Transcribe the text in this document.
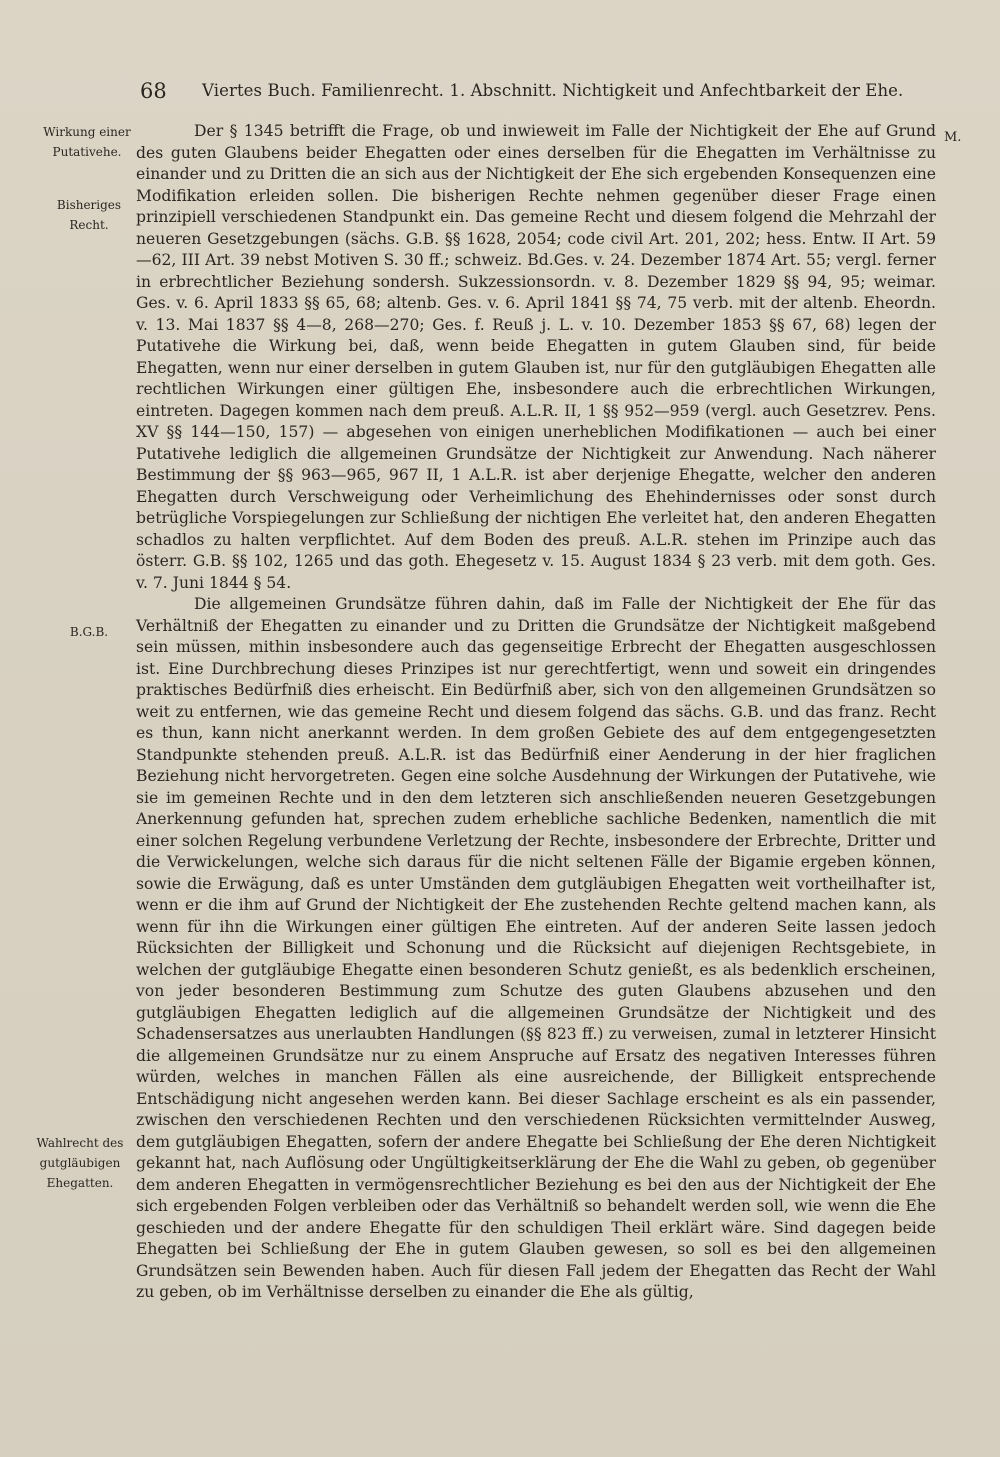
68 Viertes Buch. Familienrecht. 1. Abschnitt. Nichtigkeit und Anfechtbarkeit der Ehe.
M.
Wirkung einer
Putativehe.
Bisheriges
Recht.
B.G.B.
Wahlrecht des
gutgläubigen
Ehegatten.

Der § 1345 betrifft die Frage, ob und inwieweit im Falle der Nichtigkeit der Ehe auf Grund des guten Glaubens beider Ehegatten oder eines derselben für die Ehegatten im Verhältnisse zu einander und zu Dritten die an sich aus der Nichtigkeit der Ehe sich ergebenden Konsequenzen eine Modifikation erleiden sollen. Die bisherigen Rechte nehmen gegenüber dieser Frage einen prinzipiell verschiedenen Standpunkt ein. Das gemeine Recht und diesem folgend die Mehrzahl der neueren Gesetzgebungen (sächs. G.B. §§ 1628, 2054; code civil Art. 201, 202; hess. Entw. II Art. 59—62, III Art. 39 nebst Motiven S. 30 ff.; schweiz. Bd.Ges. v. 24. Dezember 1874 Art. 55; vergl. ferner in erbrechtlicher Beziehung sondersh. Sukzessionsordn. v. 8. Dezember 1829 §§ 94, 95; weimar. Ges. v. 6. April 1833 §§ 65, 68; altenb. Ges. v. 6. April 1841 §§ 74, 75 verb. mit der altenb. Eheordn. v. 13. Mai 1837 §§ 4—8, 268—270; Ges. f. Reuß j. L. v. 10. Dezember 1853 §§ 67, 68) legen der Putativehe die Wirkung bei, daß, wenn beide Ehegatten in gutem Glauben sind, für beide Ehegatten, wenn nur einer derselben in gutem Glauben ist, nur für den gutgläubigen Ehegatten alle rechtlichen Wirkungen einer gültigen Ehe, insbesondere auch die erbrechtlichen Wirkungen, eintreten. Dagegen kommen nach dem preuß. A.L.R. II, 1 §§ 952—959 (vergl. auch Gesetzrev. Pens. XV §§ 144—150, 157) — abgesehen von einigen unerheblichen Modifikationen — auch bei einer Putativehe lediglich die allgemeinen Grundsätze der Nichtigkeit zur Anwendung. Nach näherer Bestimmung der §§ 963—965, 967 II, 1 A.L.R. ist aber derjenige Ehegatte, welcher den anderen Ehegatten durch Verschweigung oder Verheimlichung des Ehehindernisses oder sonst durch betrügliche Vorspiegelungen zur Schließung der nichtigen Ehe verleitet hat, den anderen Ehegatten schadlos zu halten verpflichtet. Auf dem Boden des preuß. A.L.R. stehen im Prinzipe auch das österr. G.B. §§ 102, 1265 und das goth. Ehegesetz v. 15. August 1834 § 23 verb. mit dem goth. Ges. v. 7. Juni 1844 § 54.

Die allgemeinen Grundsätze führen dahin, daß im Falle der Nichtigkeit der Ehe für das Verhältniß der Ehegatten zu einander und zu Dritten die Grundsätze der Nichtigkeit maßgebend sein müssen, mithin insbesondere auch das gegenseitige Erbrecht der Ehegatten ausgeschlossen ist. Eine Durchbrechung dieses Prinzipes ist nur gerechtfertigt, wenn und soweit ein dringendes praktisches Bedürfniß dies erheischt. Ein Bedürfniß aber, sich von den allgemeinen Grundsätzen so weit zu entfernen, wie das gemeine Recht und diesem folgend das sächs. G.B. und das franz. Recht es thun, kann nicht anerkannt werden. In dem großen Gebiete des auf dem entgegengesetzten Standpunkte stehenden preuß. A.L.R. ist das Bedürfniß einer Aenderung in der hier fraglichen Beziehung nicht hervorgetreten. Gegen eine solche Ausdehnung der Wirkungen der Putativehe, wie sie im gemeinen Rechte und in den dem letzteren sich anschließenden neueren Gesetzgebungen Anerkennung gefunden hat, sprechen zudem erhebliche sachliche Bedenken, namentlich die mit einer solchen Regelung verbundene Verletzung der Rechte, insbesondere der Erbrechte, Dritter und die Verwickelungen, welche sich daraus für die nicht seltenen Fälle der Bigamie ergeben können, sowie die Erwägung, daß es unter Umständen dem gutgläubigen Ehegatten weit vortheilhafter ist, wenn er die ihm auf Grund der Nichtigkeit der Ehe zustehenden Rechte geltend machen kann, als wenn für ihn die Wirkungen einer gültigen Ehe eintreten. Auf der anderen Seite lassen jedoch Rücksichten der Billigkeit und Schonung und die Rücksicht auf diejenigen Rechtsgebiete, in welchen der gutgläubige Ehegatte einen besonderen Schutz genießt, es als bedenklich erscheinen, von jeder besonderen Bestimmung zum Schutze des guten Glaubens abzusehen und den gutgläubigen Ehegatten lediglich auf die allgemeinen Grundsätze der Nichtigkeit und des Schadensersatzes aus unerlaubten Handlungen (§§ 823 ff.) zu verweisen, zumal in letzterer Hinsicht die allgemeinen Grundsätze nur zu einem Anspruche auf Ersatz des negativen Interesses führen würden, welches in manchen Fällen als eine ausreichende, der Billigkeit entsprechende Entschädigung nicht angesehen werden kann. Bei dieser Sachlage erscheint es als ein passender, zwischen den verschiedenen Rechten und den verschiedenen Rücksichten vermittelnder Ausweg, dem gutgläubigen Ehegatten, sofern der andere Ehegatte bei Schließung der Ehe deren Nichtigkeit gekannt hat, nach Auflösung oder Ungültigkeitserklärung der Ehe die Wahl zu geben, ob gegenüber dem anderen Ehegatten in vermögensrechtlicher Beziehung es bei den aus der Nichtigkeit der Ehe sich ergebenden Folgen verbleiben oder das Verhältniß so behandelt werden soll, wie wenn die Ehe geschieden und der andere Ehegatte für den schuldigen Theil erklärt wäre. Sind dagegen beide Ehegatten bei Schließung der Ehe in gutem Glauben gewesen, so soll es bei den allgemeinen Grundsätzen sein Bewenden haben. Auch für diesen Fall jedem der Ehegatten das Recht der Wahl zu geben, ob im Verhältnisse derselben zu einander die Ehe als gültig,
